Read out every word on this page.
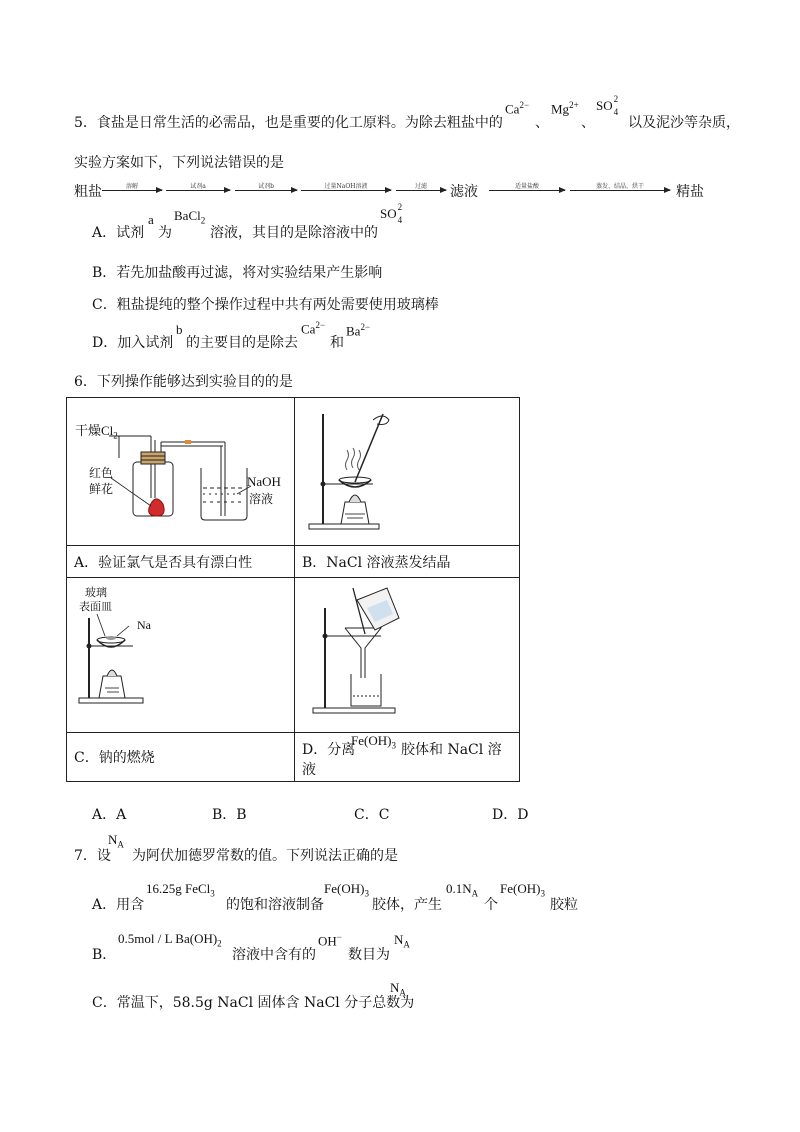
5．食盐是日常生活的必需品，也是重要的化工原料。为除去粗盐中的
$Ca^{2-}$
、
$Mg^{2+}$
、
SO 2
4
以及泥沙等杂质，
实验方案如下，下列说法错误的是
粗盐	溶解	试剂a	试剂b	过量NaOH溶液	过滤	滤液	适量盐酸	蒸发、结晶、烘干	精盐
A．试剂
a
为
BaCl$_2$
溶液，其目的是除溶液中的
SO 2
4
B．若先加盐酸再过滤，将对实验结果产生影响
C．粗盐提纯的整个操作过程中共有两处需要使用玻璃棒
D．加入试剂
b
的主要目的是除去
$Ca^{2-}$
和
$Ba^{2-}$
6．下列操作能够达到实验目的的是
干燥$Cl_2$
红色
鲜花 NaOH
溶液

A．验证氯气是否具有漂白性	B．NaCl 溶液蒸发结晶

玻璃
表面皿
Na

C．钠的燃烧	D．分离
$Fe(OH)_3$ 胶体和 NaCl 溶
液
A．A	B．B	C．C	D．D
7．设
$N_A$
为阿伏加德罗常数的值。下列说法正确的是
A．用含
16.25g FeCl$_3$
的饱和溶液制备
$Fe(OH)_3$
胶体，产生
$0.1N_A$
个
$Fe(OH)_3$
胶粒
B．
0.5mol / L $Ba(OH)_2$
溶液中含有的
OH−
数目为
$N_A$
C．常温下，58.5g NaCl 固体含 NaCl 分子总数为
$N_A$
